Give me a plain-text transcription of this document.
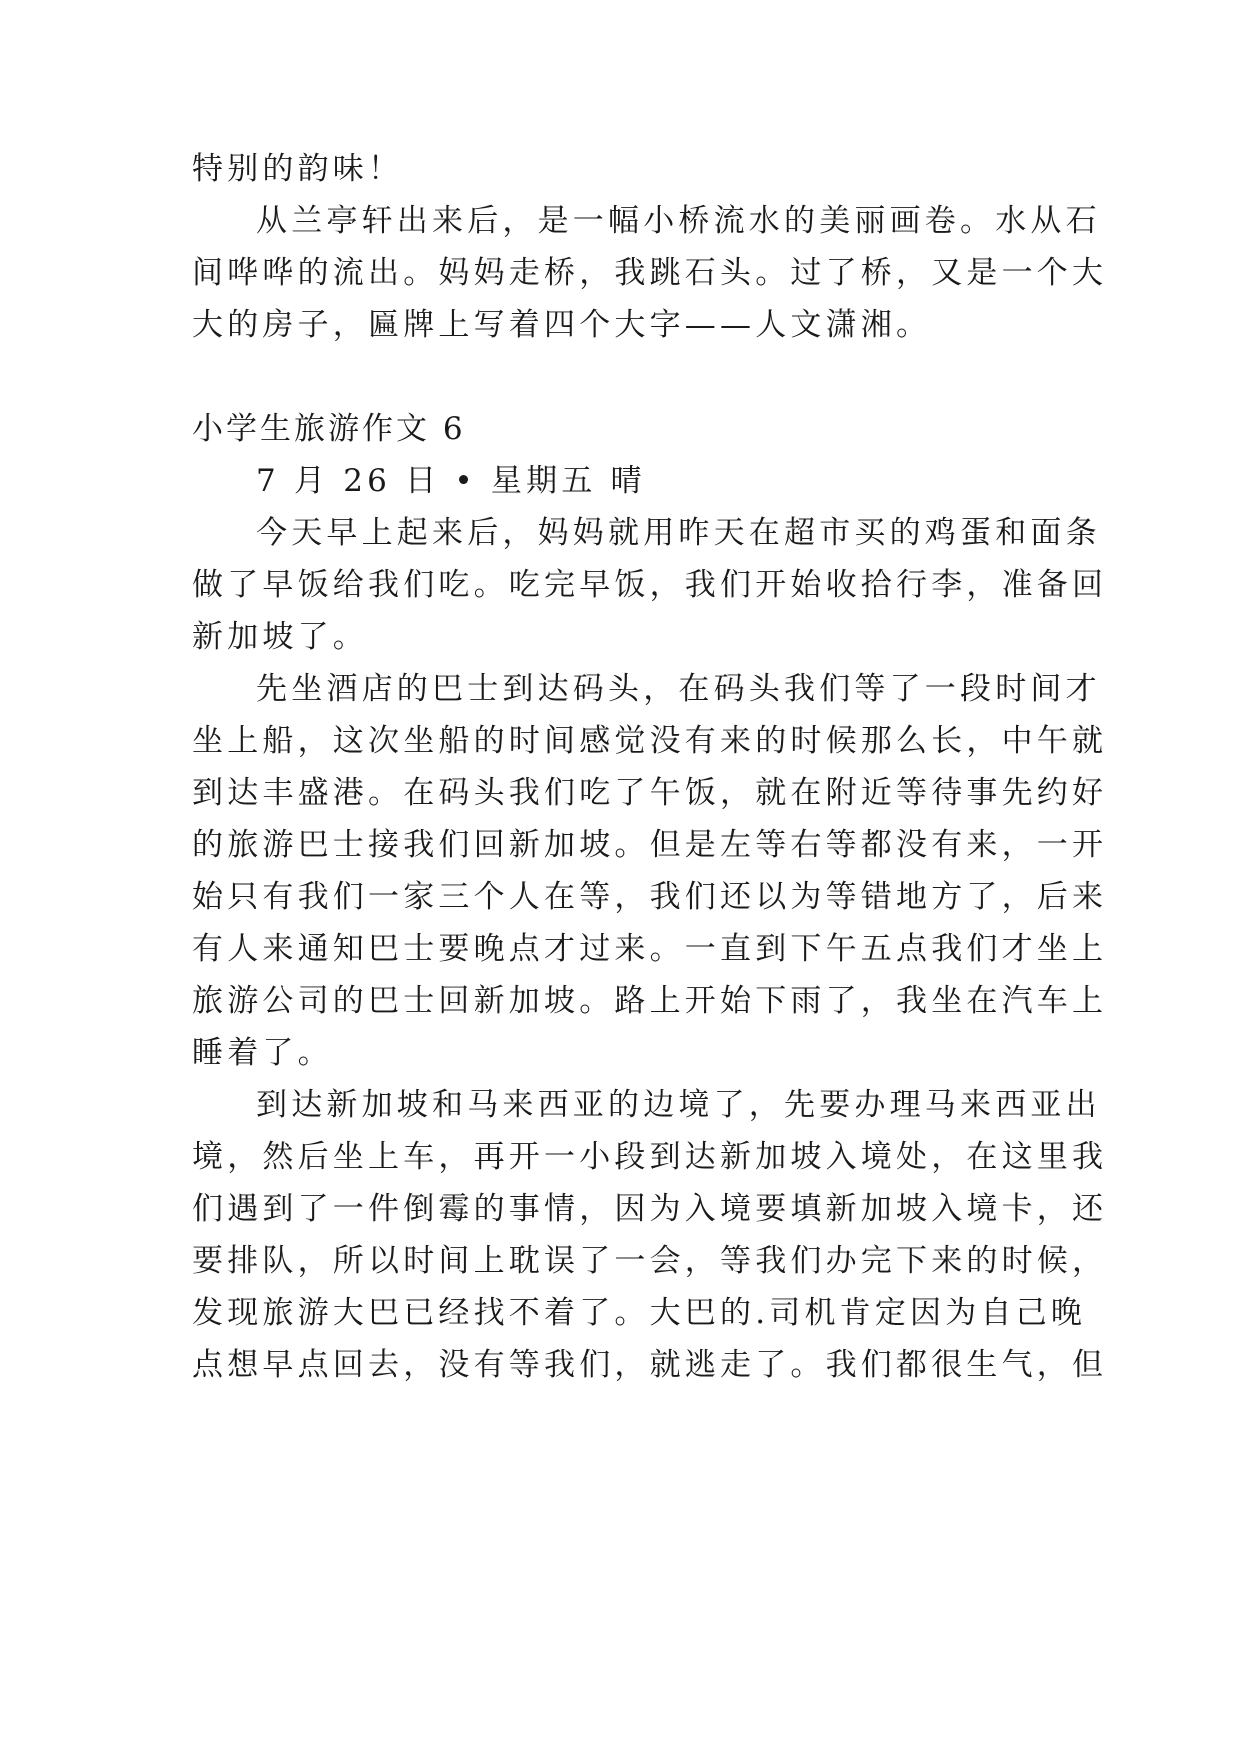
特别的韵味！
从兰亭轩出来后，是一幅小桥流水的美丽画卷。水从石
间哗哗的流出。妈妈走桥，我跳石头。过了桥，又是一个大
大的房子，匾牌上写着四个大字——人文潇湘。
小学生旅游作文 6
7 月 26 日 • 星期五 晴
今天早上起来后，妈妈就用昨天在超市买的鸡蛋和面条
做了早饭给我们吃。吃完早饭，我们开始收拾行李，准备回
新加坡了。
先坐酒店的巴士到达码头，在码头我们等了一段时间才
坐上船，这次坐船的时间感觉没有来的时候那么长，中午就
到达丰盛港。在码头我们吃了午饭，就在附近等待事先约好
的旅游巴士接我们回新加坡。但是左等右等都没有来，一开
始只有我们一家三个人在等，我们还以为等错地方了，后来
有人来通知巴士要晚点才过来。一直到下午五点我们才坐上
旅游公司的巴士回新加坡。路上开始下雨了，我坐在汽车上
睡着了。
到达新加坡和马来西亚的边境了，先要办理马来西亚出
境，然后坐上车，再开一小段到达新加坡入境处，在这里我
们遇到了一件倒霉的事情，因为入境要填新加坡入境卡，还
要排队，所以时间上耽误了一会，等我们办完下来的时候，
发现旅游大巴已经找不着了。大巴的.司机肯定因为自己晚
点想早点回去，没有等我们，就逃走了。我们都很生气，但
